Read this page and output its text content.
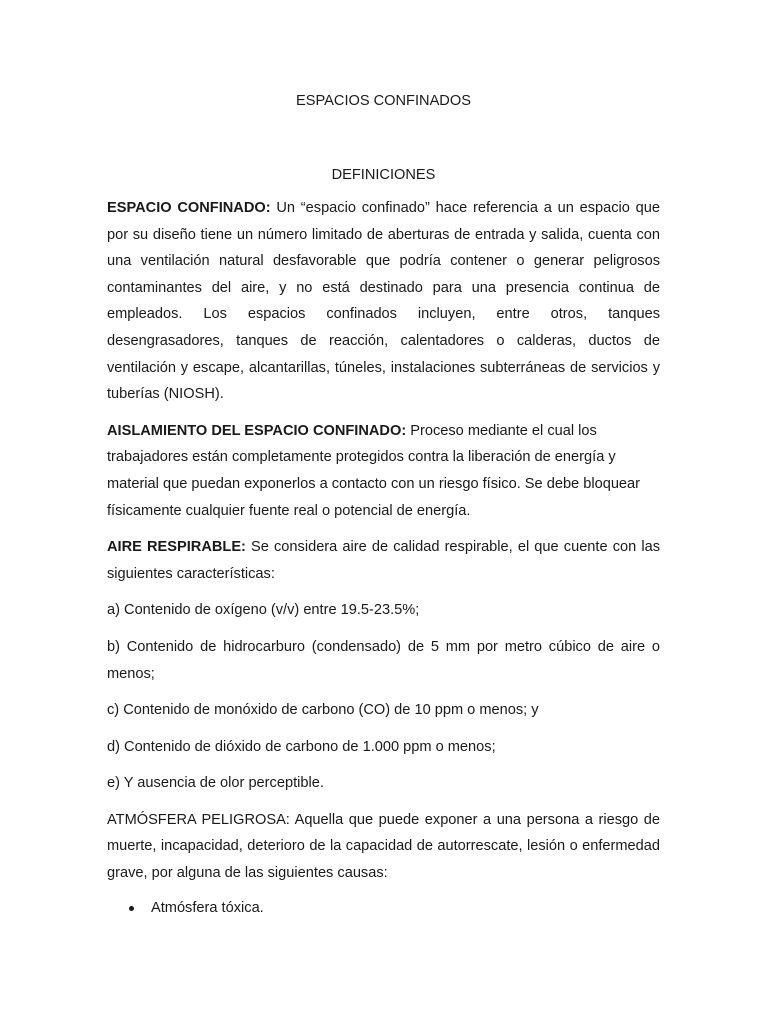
ESPACIOS CONFINADOS
DEFINICIONES

ESPACIO CONFINADO: Un “espacio confinado” hace referencia a un espacio que por su diseño tiene un número limitado de aberturas de entrada y salida, cuenta con una ventilación natural desfavorable que podría contener o generar peligrosos contaminantes del aire, y no está destinado para una presencia continua de empleados. Los espacios confinados incluyen, entre otros, tanques desengrasadores, tanques de reacción, calentadores o calderas, ductos de ventilación y escape, alcantarillas, túneles, instalaciones subterráneas de servicios y tuberías (NIOSH).

AISLAMIENTO DEL ESPACIO CONFINADO: Proceso mediante el cual los trabajadores están completamente protegidos contra la liberación de energía y material que puedan exponerlos a contacto con un riesgo físico. Se debe bloquear físicamente cualquier fuente real o potencial de energía.

AIRE RESPIRABLE: Se considera aire de calidad respirable, el que cuente con las siguientes características:

a) Contenido de oxígeno (v/v) entre 19.5-23.5%;

b) Contenido de hidrocarburo (condensado) de 5 mm por metro cúbico de aire o menos;

c) Contenido de monóxido de carbono (CO) de 10 ppm o menos; y

d) Contenido de dióxido de carbono de 1.000 ppm o menos;

e) Y ausencia de olor perceptible.

ATMÓSFERA PELIGROSA: Aquella que puede exponer a una persona a riesgo de muerte, incapacidad, deterioro de la capacidad de autorrescate, lesión o enfermedad grave, por alguna de las siguientes causas:

Atmósfera tóxica.
